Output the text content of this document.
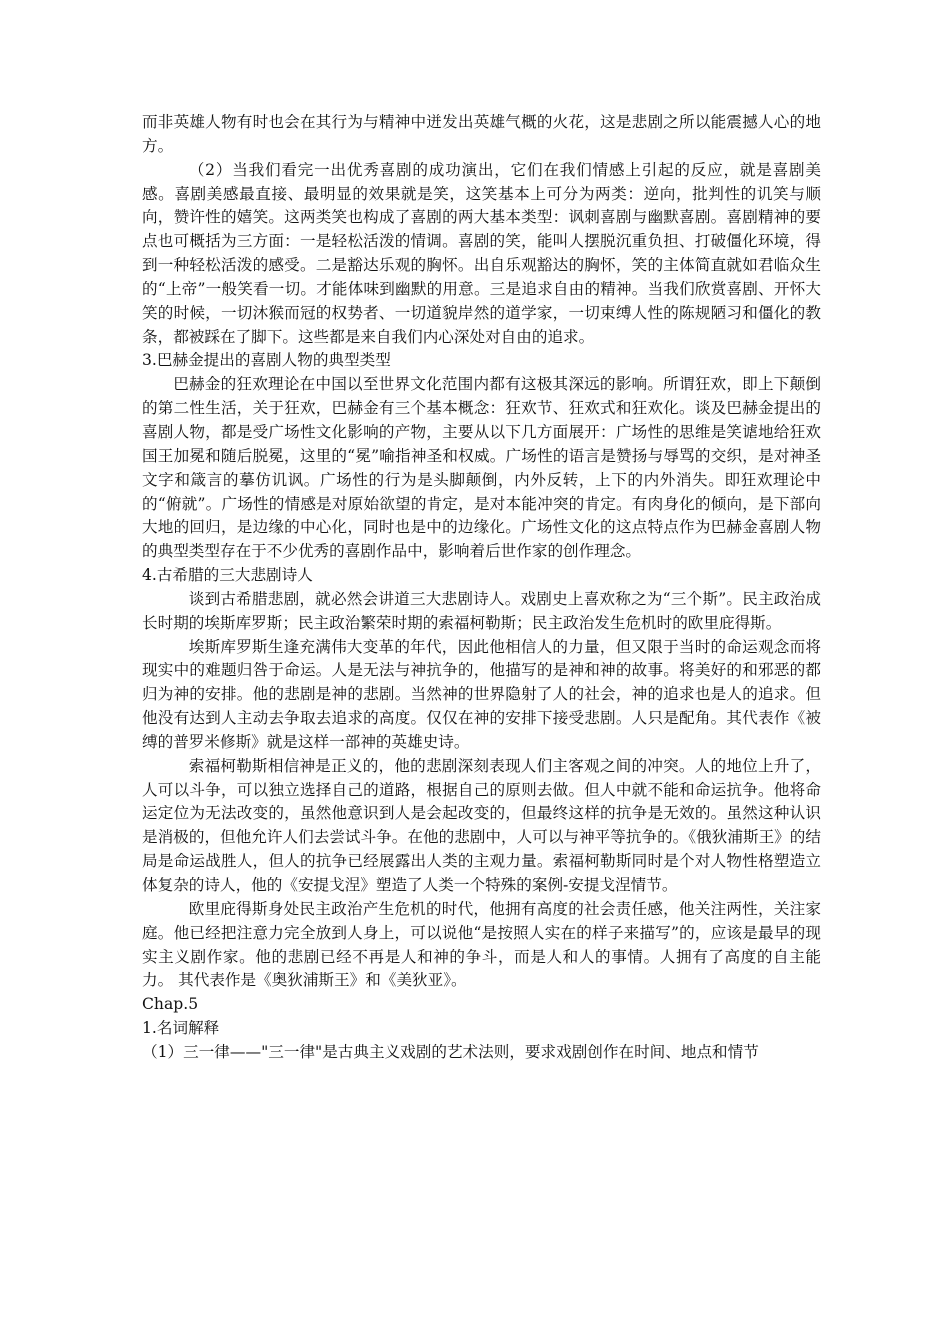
而非英雄人物有时也会在其行为与精神中迸发出英雄气概的火花，这是悲剧之所以能震撼人心的地方。

（2）当我们看完一出优秀喜剧的成功演出，它们在我们情感上引起的反应，就是喜剧美感。喜剧美感最直接、最明显的效果就是笑，这笑基本上可分为两类：逆向，批判性的讥笑与顺向，赞许性的嬉笑。这两类笑也构成了喜剧的两大基本类型：讽刺喜剧与幽默喜剧。喜剧精神的要点也可概括为三方面：一是轻松活泼的情调。喜剧的笑，能叫人摆脱沉重负担、打破僵化环境，得到一种轻松活泼的感受。二是豁达乐观的胸怀。出自乐观豁达的胸怀，笑的主体简直就如君临众生的“上帝”一般笑看一切。才能体味到幽默的用意。三是追求自由的精神。当我们欣赏喜剧、开怀大笑的时候，一切沐猴而冠的权势者、一切道貌岸然的道学家，一切束缚人性的陈规陋习和僵化的教条，都被踩在了脚下。这些都是来自我们内心深处对自由的追求。

3.巴赫金提出的喜剧人物的典型类型

巴赫金的狂欢理论在中国以至世界文化范围内都有这极其深远的影响。所谓狂欢，即上下颠倒的第二性生活，关于狂欢，巴赫金有三个基本概念：狂欢节、狂欢式和狂欢化。谈及巴赫金提出的喜剧人物，都是受广场性文化影响的产物，主要从以下几方面展开：广场性的思维是笑谑地给狂欢国王加冕和随后脱冕，这里的“冕”喻指神圣和权威。广场性的语言是赞扬与辱骂的交织，是对神圣文字和箴言的摹仿讥讽。广场性的行为是头脚颠倒，内外反转，上下的内外消失。即狂欢理论中的“俯就”。广场性的情感是对原始欲望的肯定，是对本能冲突的肯定。有肉身化的倾向，是下部向大地的回归，是边缘的中心化，同时也是中的边缘化。广场性文化的这点特点作为巴赫金喜剧人物的典型类型存在于不少优秀的喜剧作品中，影响着后世作家的创作理念。

4.古希腊的三大悲剧诗人

谈到古希腊悲剧，就必然会讲道三大悲剧诗人。戏剧史上喜欢称之为“三个斯”。民主政治成长时期的埃斯库罗斯；民主政治繁荣时期的索福柯勒斯；民主政治发生危机时的欧里庇得斯。

埃斯库罗斯生逢充满伟大变革的年代，因此他相信人的力量，但又限于当时的命运观念而将现实中的难题归咎于命运。人是无法与神抗争的，他描写的是神和神的故事。将美好的和邪恶的都归为神的安排。他的悲剧是神的悲剧。当然神的世界隐射了人的社会，神的追求也是人的追求。但他没有达到人主动去争取去追求的高度。仅仅在神的安排下接受悲剧。人只是配角。其代表作《被缚的普罗米修斯》就是这样一部神的英雄史诗。

索福柯勒斯相信神是正义的，他的悲剧深刻表现人们主客观之间的冲突。人的地位上升了，人可以斗争，可以独立选择自己的道路，根据自己的原则去做。但人中就不能和命运抗争。他将命运定位为无法改变的，虽然他意识到人是会起改变的，但最终这样的抗争是无效的。虽然这种认识是消极的，但他允许人们去尝试斗争。在他的悲剧中，人可以与神平等抗争的。《俄狄浦斯王》的结局是命运战胜人，但人的抗争已经展露出人类的主观力量。索福柯勒斯同时是个对人物性格塑造立体复杂的诗人，他的《安提戈涅》塑造了人类一个特殊的案例-安提戈涅情节。

欧里庇得斯身处民主政治产生危机的时代，他拥有高度的社会责任感，他关注两性，关注家庭。他已经把注意力完全放到人身上，可以说他“是按照人实在的样子来描写”的，应该是最早的现实主义剧作家。他的悲剧已经不再是人和神的争斗，而是人和人的事情。人拥有了高度的自主能力。 其代表作是《奥狄浦斯王》和《美狄亚》。

Chap.5

1.名词解释

（1）三一律——"三一律"是古典主义戏剧的艺术法则，要求戏剧创作在时间、地点和情节
